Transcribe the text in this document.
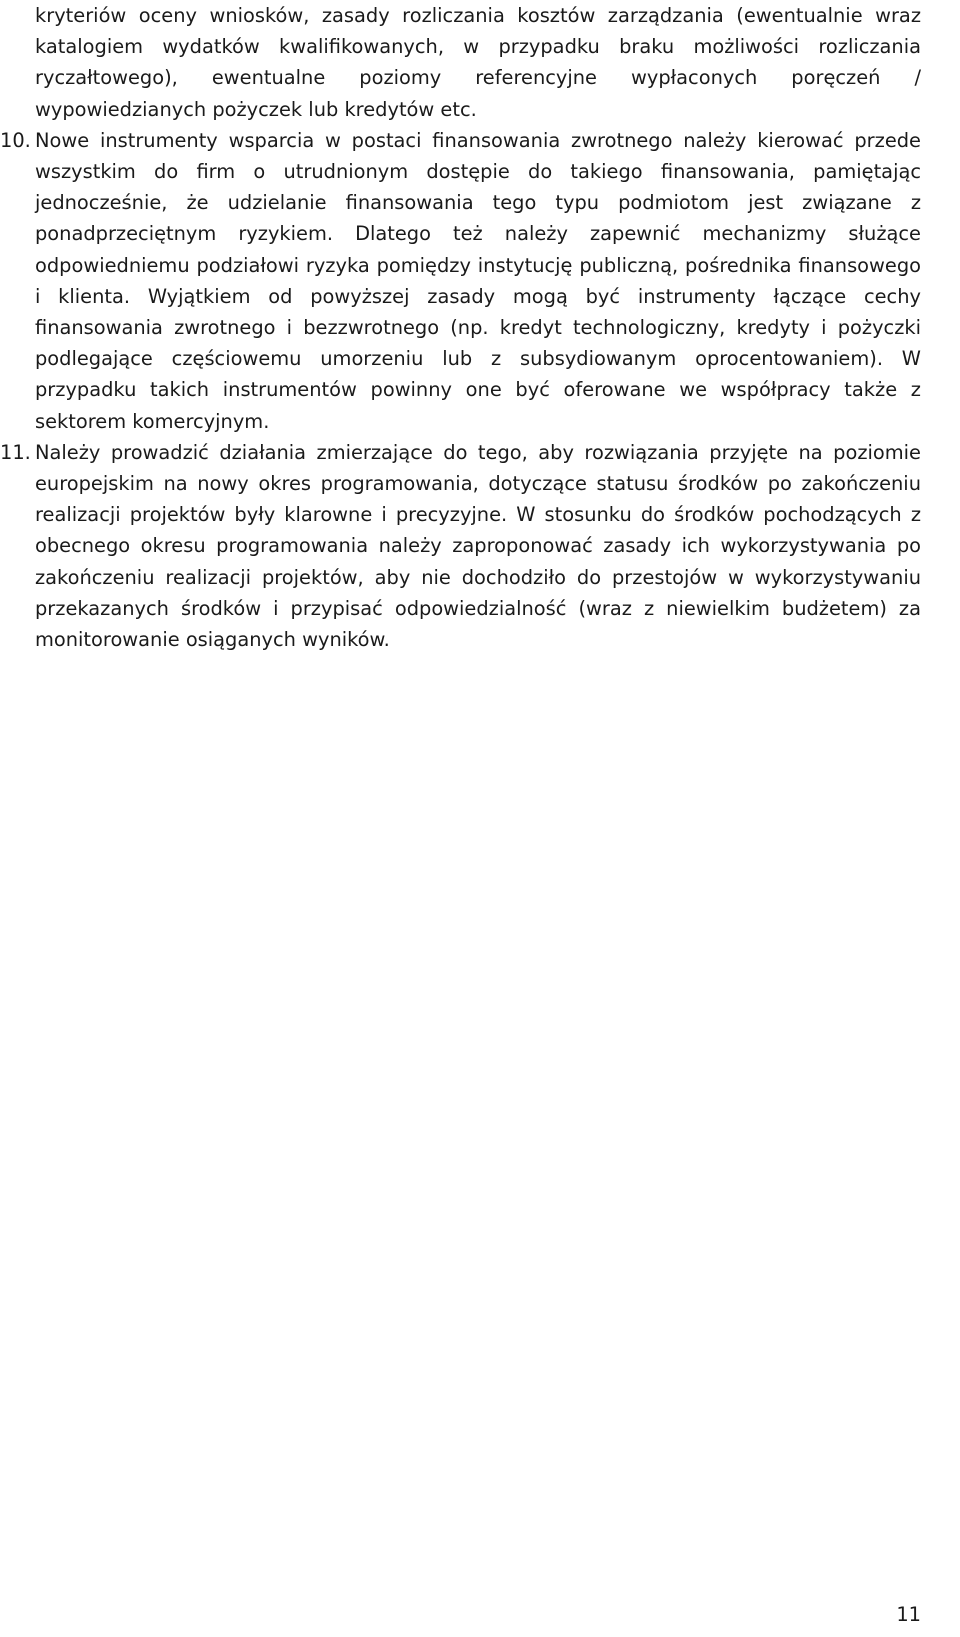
kryteriów oceny wniosków, zasady rozliczania kosztów zarządzania (ewentualnie wraz katalogiem wydatków kwalifikowanych, w przypadku braku możliwości rozliczania ryczałtowego), ewentualne poziomy referencyjne wypłaconych poręczeń / wypowiedzianych pożyczek lub kredytów etc.

10. Nowe instrumenty wsparcia w postaci finansowania zwrotnego należy kierować przede wszystkim do firm o utrudnionym dostępie do takiego finansowania, pamiętając jednocześnie, że udzielanie finansowania tego typu podmiotom jest związane z ponadprzeciętnym ryzykiem. Dlatego też należy zapewnić mechanizmy służące odpowiedniemu podziałowi ryzyka pomiędzy instytucję publiczną, pośrednika finansowego i klienta. Wyjątkiem od powyższej zasady mogą być instrumenty łączące cechy finansowania zwrotnego i bezzwrotnego (np. kredyt technologiczny, kredyty i pożyczki podlegające częściowemu umorzeniu lub z subsydiowanym oprocentowaniem). W przypadku takich instrumentów powinny one być oferowane we współpracy także z sektorem komercyjnym.

11. Należy prowadzić działania zmierzające do tego, aby rozwiązania przyjęte na poziomie europejskim na nowy okres programowania, dotyczące statusu środków po zakończeniu realizacji projektów były klarowne i precyzyjne. W stosunku do środków pochodzących z obecnego okresu programowania należy zaproponować zasady ich wykorzystywania po zakończeniu realizacji projektów, aby nie dochodziło do przestojów w wykorzystywaniu przekazanych środków i przypisać odpowiedzialność (wraz z niewielkim budżetem) za monitorowanie osiąganych wyników.

11
